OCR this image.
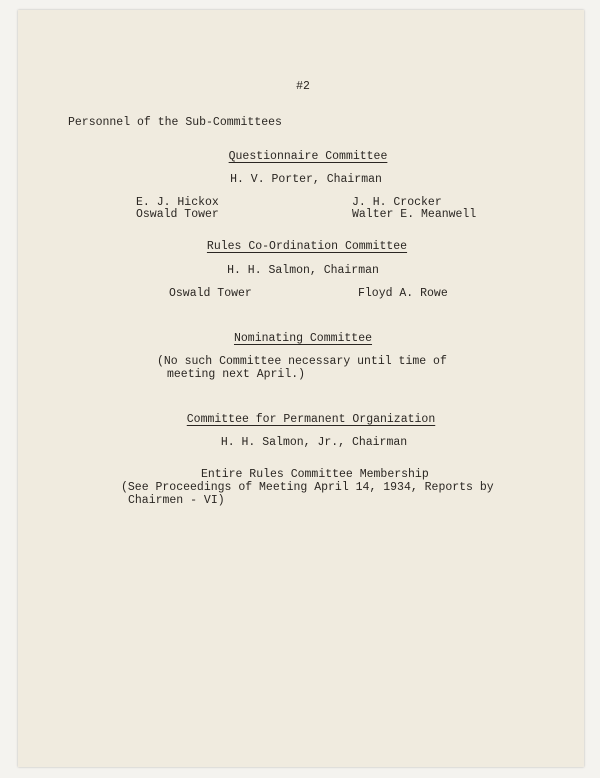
#2
Personnel of the Sub-Committees
Questionnaire Committee
H. V. Porter, Chairman
E. J. Hickox
Oswald Tower
J. H. Crocker
Walter E. Meanwell
Rules Co-Ordination Committee
H. H. Salmon, Chairman
Oswald Tower	Floyd A. Rowe
Nominating Committee
(No such Committee necessary until time of
meeting next April.)
Committee for Permanent Organization
H. H. Salmon, Jr., Chairman
Entire Rules Committee Membership
(See Proceedings of Meeting April 14, 1934, Reports by
Chairmen - VI)
